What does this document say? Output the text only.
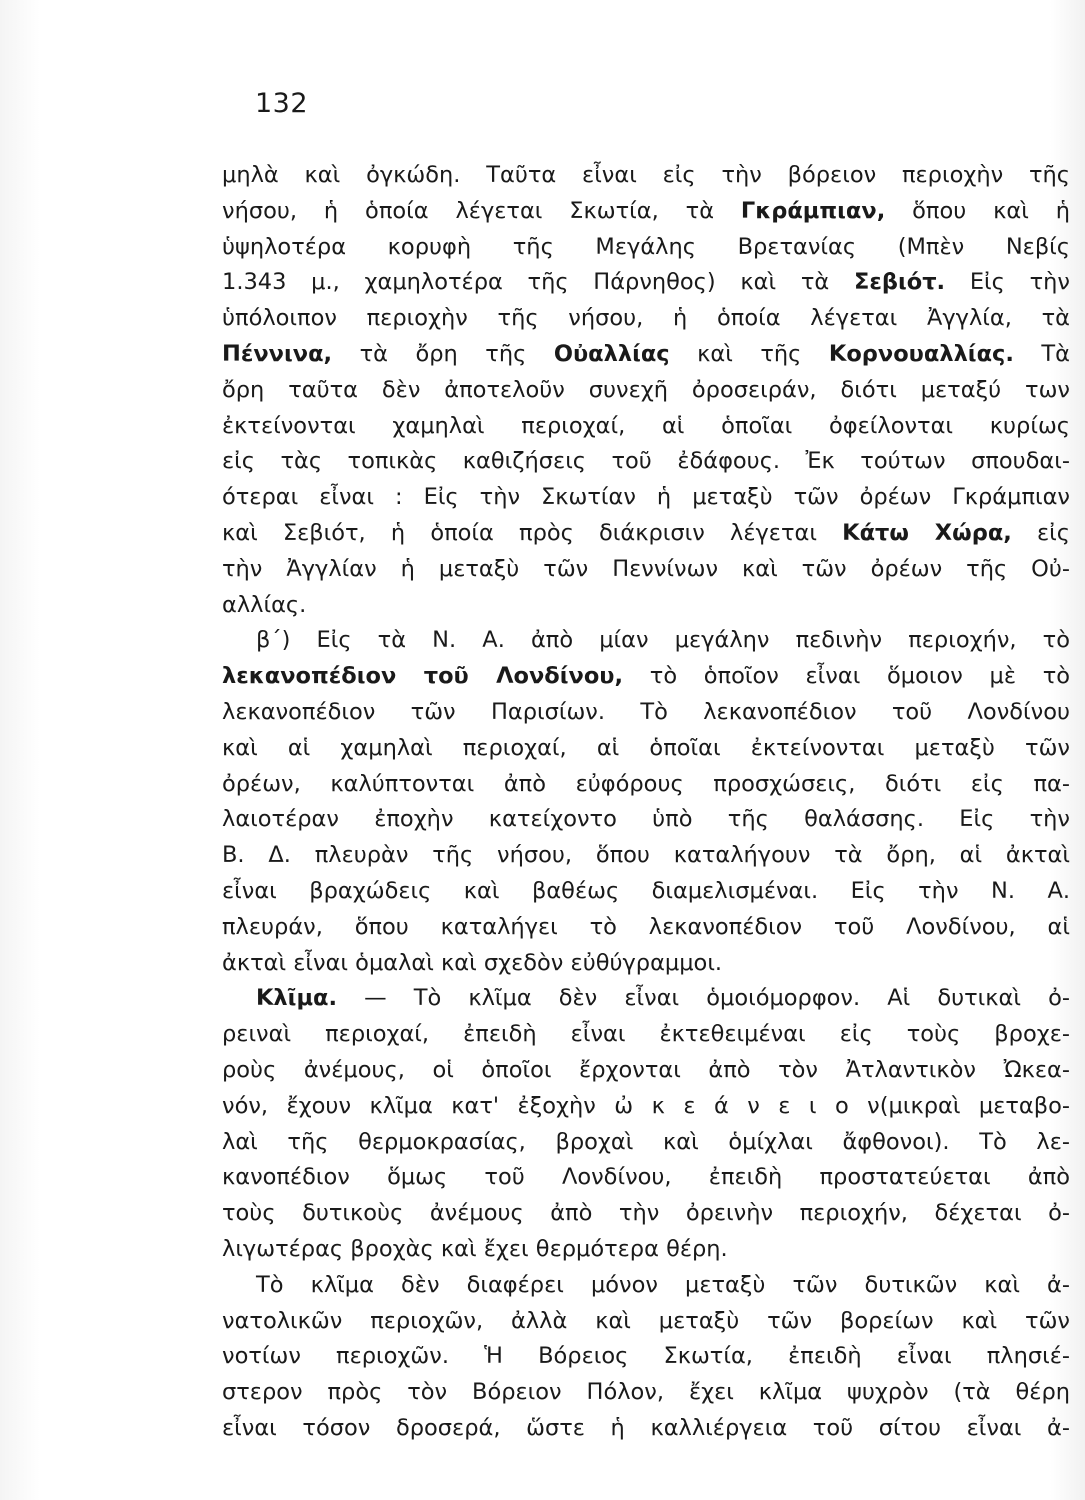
132
μηλὰ καὶ ὀγκώδη. Ταῦτα εἶναι εἰς τὴν βόρειον περιοχὴν τῆς
νήσου, ἡ ὁποία λέγεται Σκωτία, τὰ Γκράμπιαν, ὅπου καὶ ἡ
ὑψηλοτέρα κορυφὴ τῆς Μεγάλης Βρετανίας (Μπὲν Νεβίς
1.343 μ., χαμηλοτέρα τῆς Πάρνηθος) καὶ τὰ Σεβιότ. Εἰς τὴν
ὑπόλοιπον περιοχὴν τῆς νήσου, ἡ ὁποία λέγεται Ἀγγλία, τὰ
Πέννινα, τὰ ὄρη τῆς Οὐαλλίας καὶ τῆς Κορνουαλλίας. Τὰ
ὄρη ταῦτα δὲν ἀποτελοῦν συνεχῆ ὀροσειράν, διότι μεταξύ των
ἐκτείνονται χαμηλαὶ περιοχαί, αἱ ὁποῖαι ὀφείλονται κυρίως
εἰς τὰς τοπικὰς καθιζήσεις τοῦ ἐδάφους. Ἐκ τούτων σπουδαι-
ότεραι εἶναι : Εἰς τὴν Σκωτίαν ἡ μεταξὺ τῶν ὀρέων Γκράμπιαν
καὶ Σεβιότ, ἡ ὁποία πρὸς διάκρισιν λέγεται Κάτω Χώρα, εἰς
τὴν Ἀγγλίαν ἡ μεταξὺ τῶν Πεννίνων καὶ τῶν ὀρέων τῆς Οὐ-
αλλίας.
β΄) Εἰς τὰ Ν. Α. ἀπὸ μίαν μεγάλην πεδινὴν περιοχήν, τὸ
λεκανοπέδιον τοῦ Λονδίνου, τὸ ὁποῖον εἶναι ὅμοιον μὲ τὸ
λεκανοπέδιον τῶν Παρισίων. Τὸ λεκανοπέδιον τοῦ Λονδίνου
καὶ αἱ χαμηλαὶ περιοχαί, αἱ ὁποῖαι ἐκτείνονται μεταξὺ τῶν
ὀρέων, καλύπτονται ἀπὸ εὐφόρους προσχώσεις, διότι εἰς πα-
λαιοτέραν ἐποχὴν κατείχοντο ὑπὸ τῆς θαλάσσης. Εἰς τὴν
Β. Δ. πλευρὰν τῆς νήσου, ὅπου καταλήγουν τὰ ὄρη, αἱ ἀκταὶ
εἶναι βραχώδεις καὶ βαθέως διαμελισμέναι. Εἰς τὴν Ν. Α.
πλευράν, ὅπου καταλήγει τὸ λεκανοπέδιον τοῦ Λονδίνου, αἱ
ἀκταὶ εἶναι ὁμαλαὶ καὶ σχεδὸν εὐθύγραμμοι.
Κλῖμα. — Τὸ κλῖμα δὲν εἶναι ὁμοιόμορφον. Αἱ δυτικαὶ ὀ-
ρειναὶ περιοχαί, ἐπειδὴ εἶναι ἐκτεθειμέναι εἰς τοὺς βροχε-
ροὺς ἀνέμους, οἱ ὁποῖοι ἔρχονται ἀπὸ τὸν Ἀτλαντικὸν Ὠκεα-
νόν, ἔχουν κλῖμα κατ' ἐξοχὴν ὠ κ ε ά ν ε ι ο ν(μικραὶ μεταβο-
λαὶ τῆς θερμοκρασίας, βροχαὶ καὶ ὁμίχλαι ἄφθονοι). Τὸ λε-
κανοπέδιον ὅμως τοῦ Λονδίνου, ἐπειδὴ προστατεύεται ἀπὸ
τοὺς δυτικοὺς ἀνέμους ἀπὸ τὴν ὀρεινὴν περιοχήν, δέχεται ὀ-
λιγωτέρας βροχὰς καὶ ἔχει θερμότερα θέρη.
Τὸ κλῖμα δὲν διαφέρει μόνον μεταξὺ τῶν δυτικῶν καὶ ἀ-
νατολικῶν περιοχῶν, ἀλλὰ καὶ μεταξὺ τῶν βορείων καὶ τῶν
νοτίων περιοχῶν. Ἡ Βόρειος Σκωτία, ἐπειδὴ εἶναι πλησιέ-
στερον πρὸς τὸν Βόρειον Πόλον, ἔχει κλῖμα ψυχρὸν (τὰ θέρη
εἶναι τόσον δροσερά, ὥστε ἡ καλλιέργεια τοῦ σίτου εἶναι ἀ-
